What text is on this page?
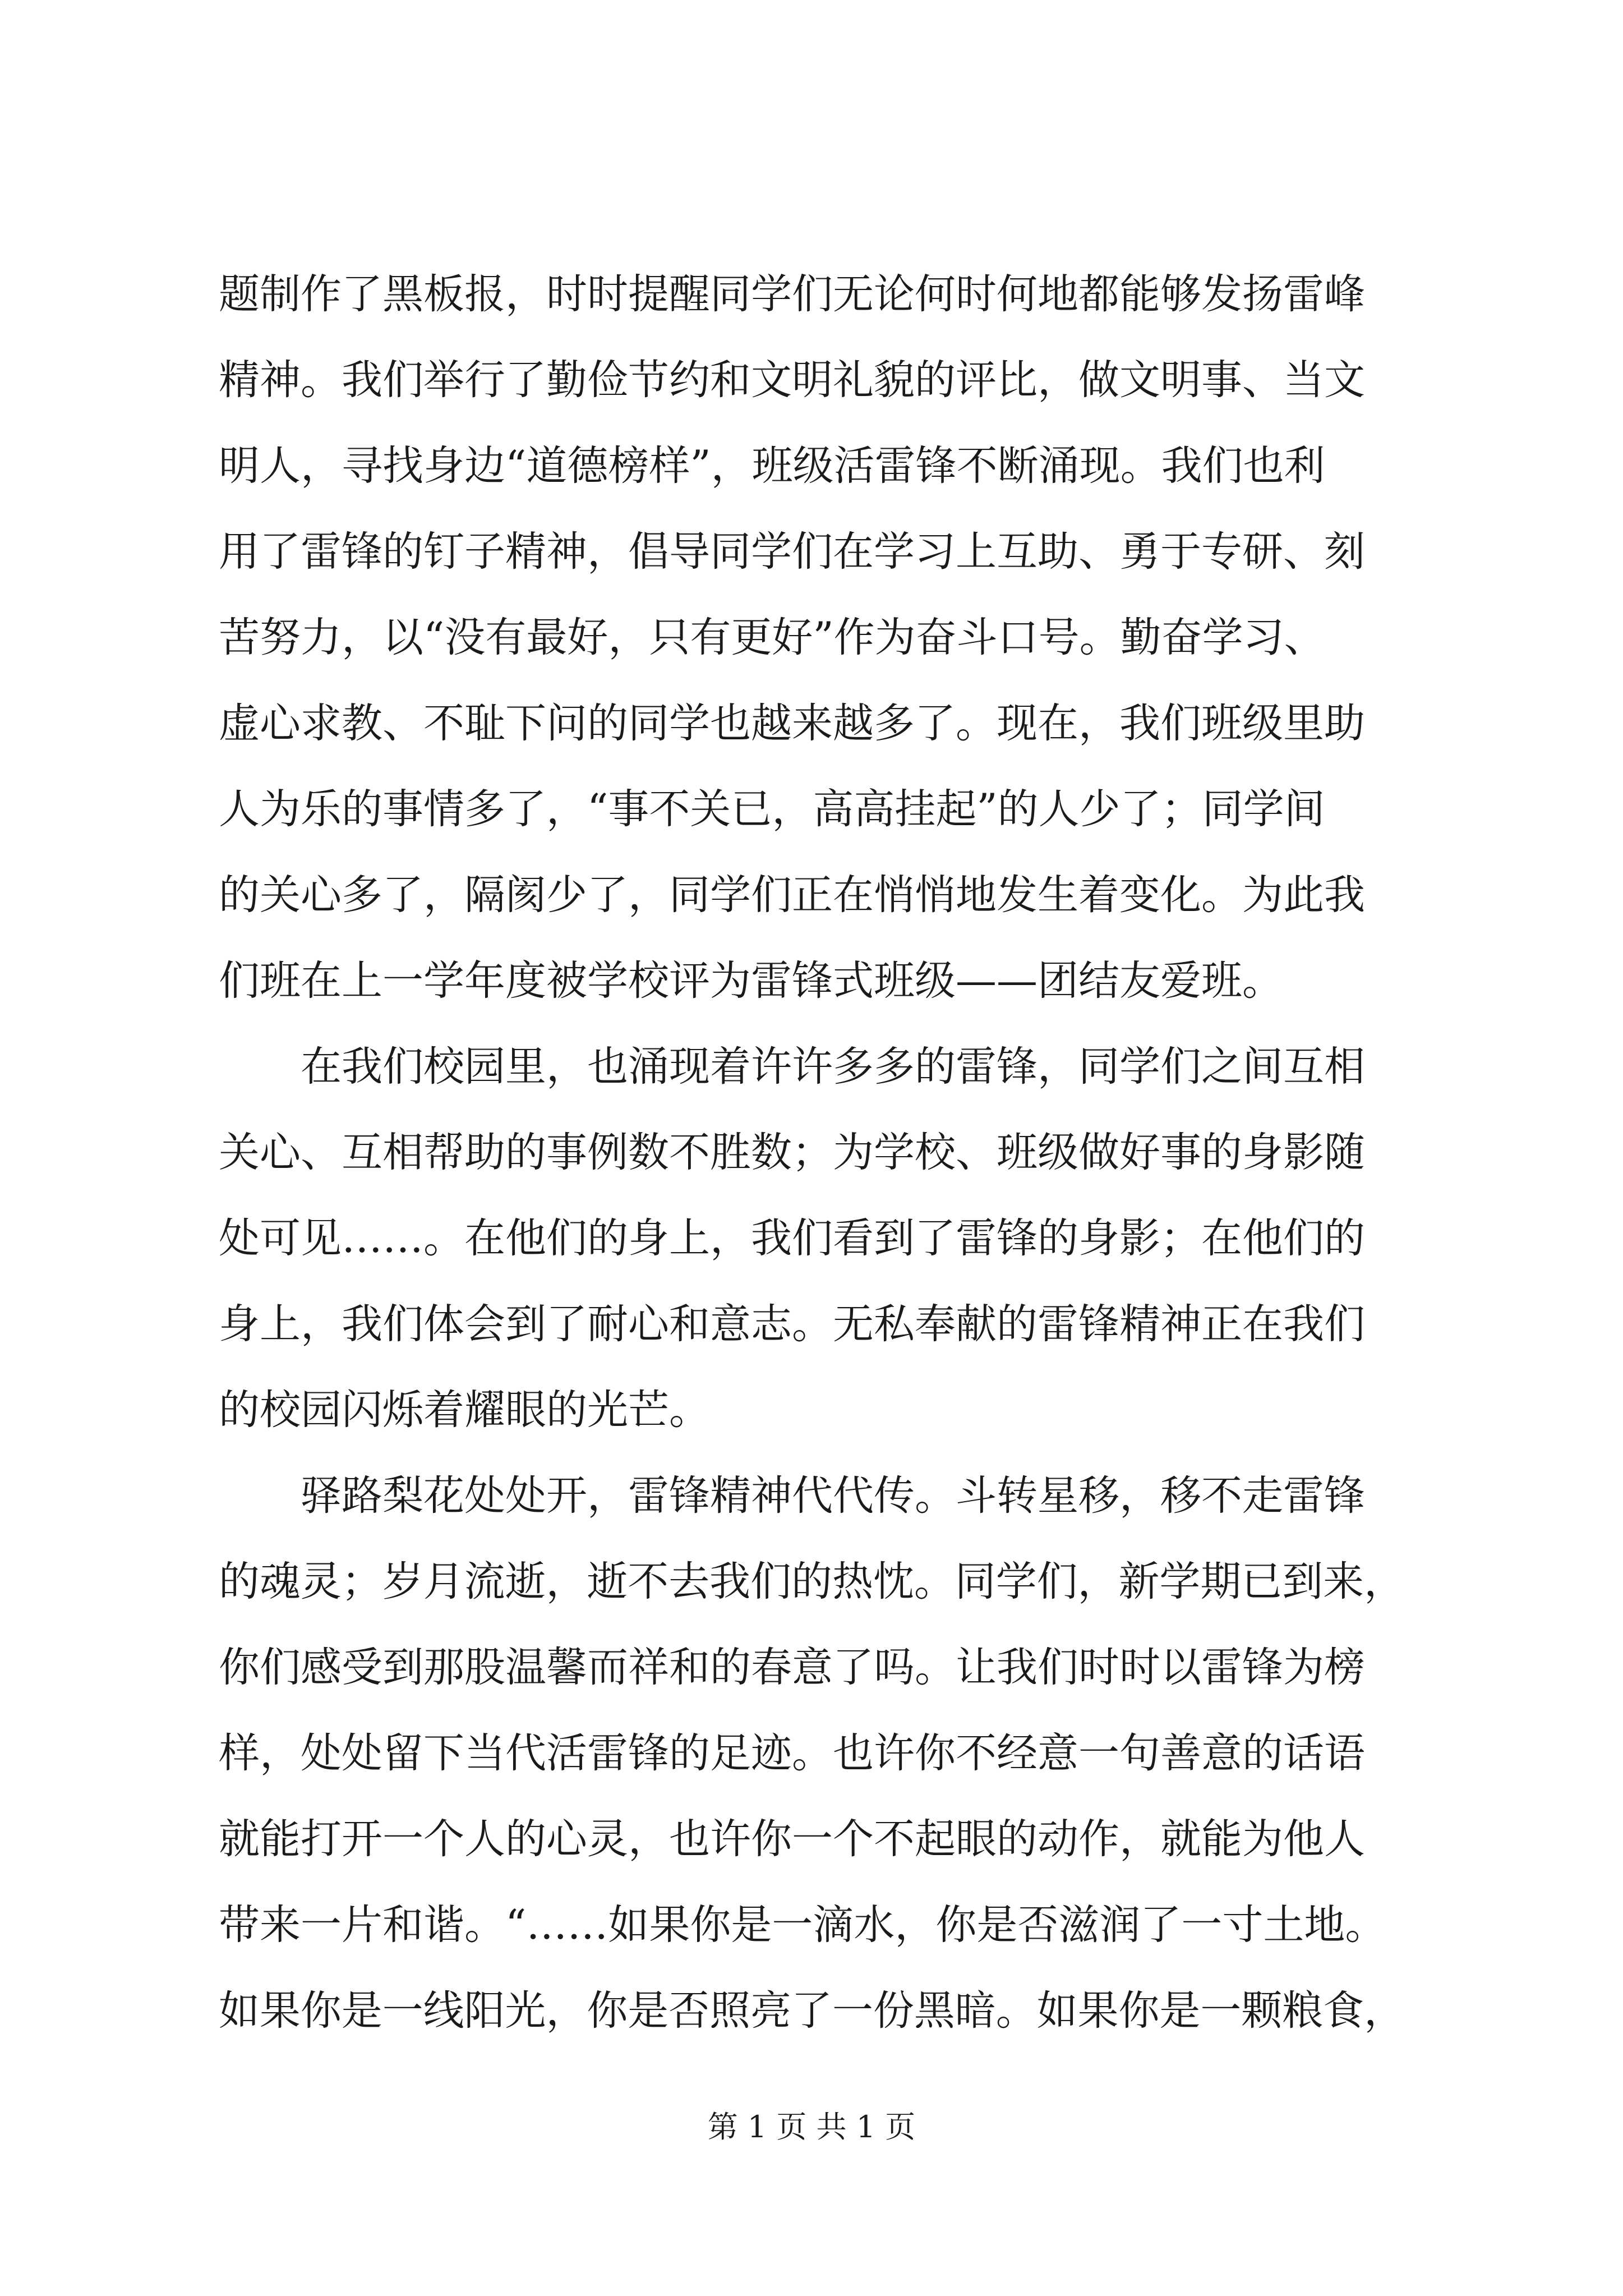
题制作了黑板报，时时提醒同学们无论何时何地都能够发扬雷峰
精神。我们举行了勤俭节约和文明礼貌的评比，做文明事、当文
明人，寻找身边“道德榜样”，班级活雷锋不断涌现。我们也利
用了雷锋的钉子精神，倡导同学们在学习上互助、勇于专研、刻
苦努力，以“没有最好，只有更好”作为奋斗口号。勤奋学习、
虚心求教、不耻下问的同学也越来越多了。现在，我们班级里助
人为乐的事情多了，“事不关已，高高挂起”的人少了；同学间
的关心多了，隔阂少了，同学们正在悄悄地发生着变化。为此我
们班在上一学年度被学校评为雷锋式班级——团结友爱班。
　　在我们校园里，也涌现着许许多多的雷锋，同学们之间互相
关心、互相帮助的事例数不胜数；为学校、班级做好事的身影随
处可见……。在他们的身上，我们看到了雷锋的身影；在他们的
身上，我们体会到了耐心和意志。无私奉献的雷锋精神正在我们
的校园闪烁着耀眼的光芒。
　　驿路梨花处处开，雷锋精神代代传。斗转星移，移不走雷锋
的魂灵；岁月流逝，逝不去我们的热忱。同学们，新学期已到来，
你们感受到那股温馨而祥和的春意了吗。让我们时时以雷锋为榜
样，处处留下当代活雷锋的足迹。也许你不经意一句善意的话语
就能打开一个人的心灵，也许你一个不起眼的动作，就能为他人
带来一片和谐。“……如果你是一滴水，你是否滋润了一寸土地。
如果你是一线阳光，你是否照亮了一份黑暗。如果你是一颗粮食，
第 1 页 共 1 页
